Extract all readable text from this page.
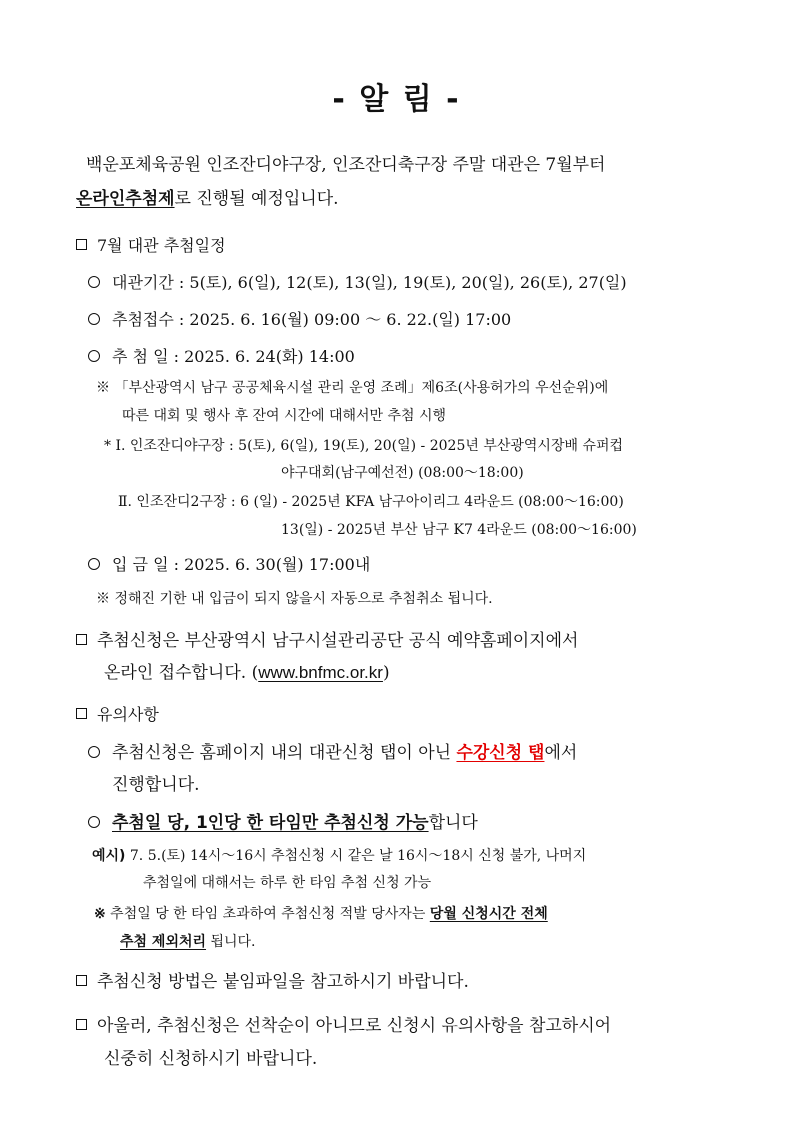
- 알 림 -
백운포체육공원 인조잔디야구장, 인조잔디축구장 주말 대관은 7월부터
온라인추첨제로 진행될 예정입니다.
7월 대관 추첨일정
대관기간 : 5(토), 6(일), 12(토), 13(일), 19(토), 20(일), 26(토), 27(일)
추첨접수 : 2025. 6. 16(월) 09:00 ～ 6. 22.(일) 17:00
추 첨 일 : 2025. 6. 24(화) 14:00
※ 「부산광역시 남구 공공체육시설 관리 운영 조례」제6조(사용허가의 우선순위)에
따른 대회 및 행사 후 잔여 시간에 대해서만 추첨 시행
* Ⅰ. 인조잔디야구장 : 5(토), 6(일), 19(토), 20(일) - 2025년 부산광역시장배 슈퍼컵
야구대회(남구예선전) (08:00～18:00)
Ⅱ. 인조잔디2구장 : 6 (일) - 2025년 KFA 남구아이리그 4라운드 (08:00～16:00)
13(일) - 2025년 부산 남구 K7 4라운드 (08:00～16:00)
입 금 일 : 2025. 6. 30(월) 17:00내
※ 정해진 기한 내 입금이 되지 않을시 자동으로 추첨취소 됩니다.
추첨신청은 부산광역시 남구시설관리공단 공식 예약홈페이지에서
온라인 접수합니다. (www.bnfmc.or.kr)
유의사항
추첨신청은 홈페이지 내의 대관신청 탭이 아닌 수강신청 탭에서
진행합니다.
추첨일 당, 1인당 한 타임만 추첨신청 가능합니다
예시) 7. 5.(토) 14시～16시 추첨신청 시 같은 날 16시～18시 신청 불가, 나머지
추첨일에 대해서는 하루 한 타임 추첨 신청 가능
※ 추첨일 당 한 타임 초과하여 추첨신청 적발 당사자는 당월 신청시간 전체
추첨 제외처리 됩니다.
추첨신청 방법은 붙임파일을 참고하시기 바랍니다.
아울러, 추첨신청은 선착순이 아니므로 신청시 유의사항을 참고하시어
신중히 신청하시기 바랍니다.
